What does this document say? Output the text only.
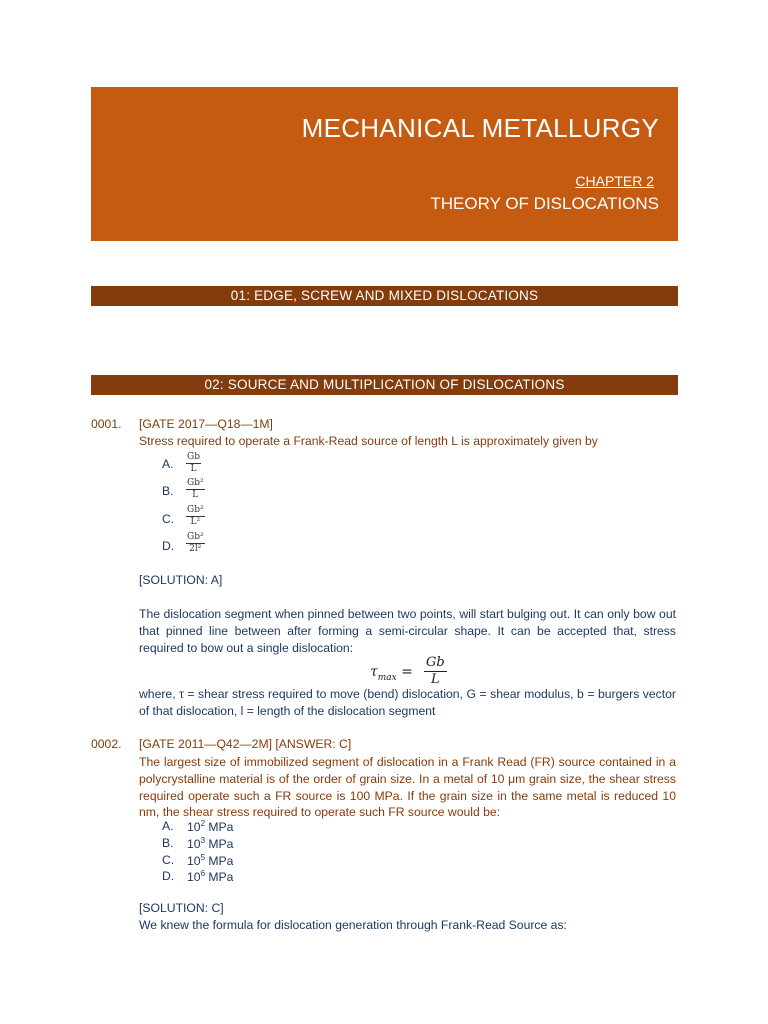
MECHANICAL METALLURGY
CHAPTER 2
THEORY OF DISLOCATIONS
01: EDGE, SCREW AND MIXED DISLOCATIONS
02: SOURCE AND MULTIPLICATION OF DISLOCATIONS
0001. [GATE 2017—Q18—1M]
Stress required to operate a Frank-Read source of length L is approximately given by
A. $\frac{Gb}{L}$
B. $\frac{\text{Gb²}}{L}$
C. $\frac{\text{Gb²}}{\text{L²}}$
D. $\frac{\text{Gb²}}{\text{2l²}}$
[SOLUTION: A]
The dislocation segment when pinned between two points, will start bulging out. It can only bow out that pinned line between after forming a semi-circular shape. It can be accepted that, stress required to bow out a single dislocation:
$\tau_{max}$ =
Gb
L
where, τ = shear stress required to move (bend) dislocation, G = shear modulus, b = burgers vector of that dislocation, l = length of the dislocation segment
0002. [GATE 2011—Q42—2M] [ANSWER: C]
The largest size of immobilized segment of dislocation in a Frank Read (FR) source contained in a polycrystalline material is of the order of grain size. In a metal of 10 μm grain size, the shear stress required operate such a FR source is 100 MPa. If the grain size in the same metal is reduced 10 nm, the shear stress required to operate such FR source would be:
A. $10^2$ MPa
B. $10^3$ MPa
C. $10^5$ MPa
D. $10^6$ MPa
[SOLUTION: C]
We knew the formula for dislocation generation through Frank-Read Source as:
